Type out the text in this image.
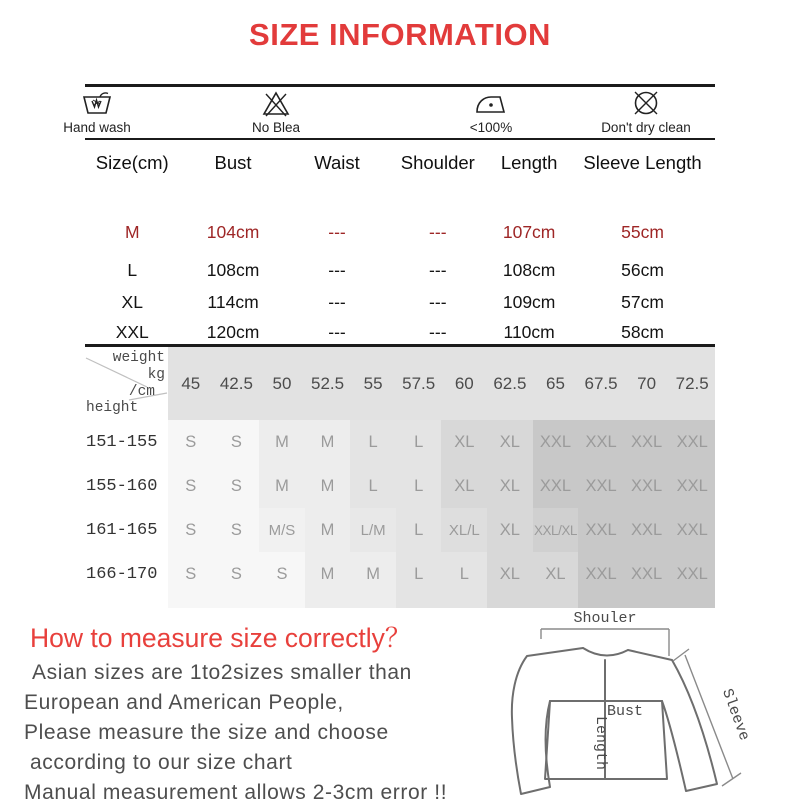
SIZE INFORMATION
Hand wash	No Blea	<100%	Don't dry clean
Size(cm)	Bust	Waist	Shoulder	Length	Sleeve Length
M	104cm	---	---	107cm	55cm
L	108cm	---	---	108cm	56cm
XL	114cm	---	---	109cm	57cm
XXL	120cm	---	---	110cm	58cm
weight
kg
/cm
height
45	42.5	50	52.5	55	57.5	60	62.5	65	67.5	70	72.5
151-155	S	S	M	M	L	L	XL	XL	XXL XXL XXL XXL
155-160	S	S	M	M	L	L	XL	XL	XXL XXL XXL XXL
161-165	S	S	M/S	M	L/M	L	XL/L	XL	XXL/XL XXL XXL XXL
166-170	S	S	S	M	M	L	L	XL	XL	XXL XXL XXL
How to measure size correctly？
Asian sizes are 1to2sizes smaller than
European and American People,
Please measure the size and choose
according to our size chart
Manual measurement allows 2-3cm error !!
Shouler
Bust
Length	Sleeve
